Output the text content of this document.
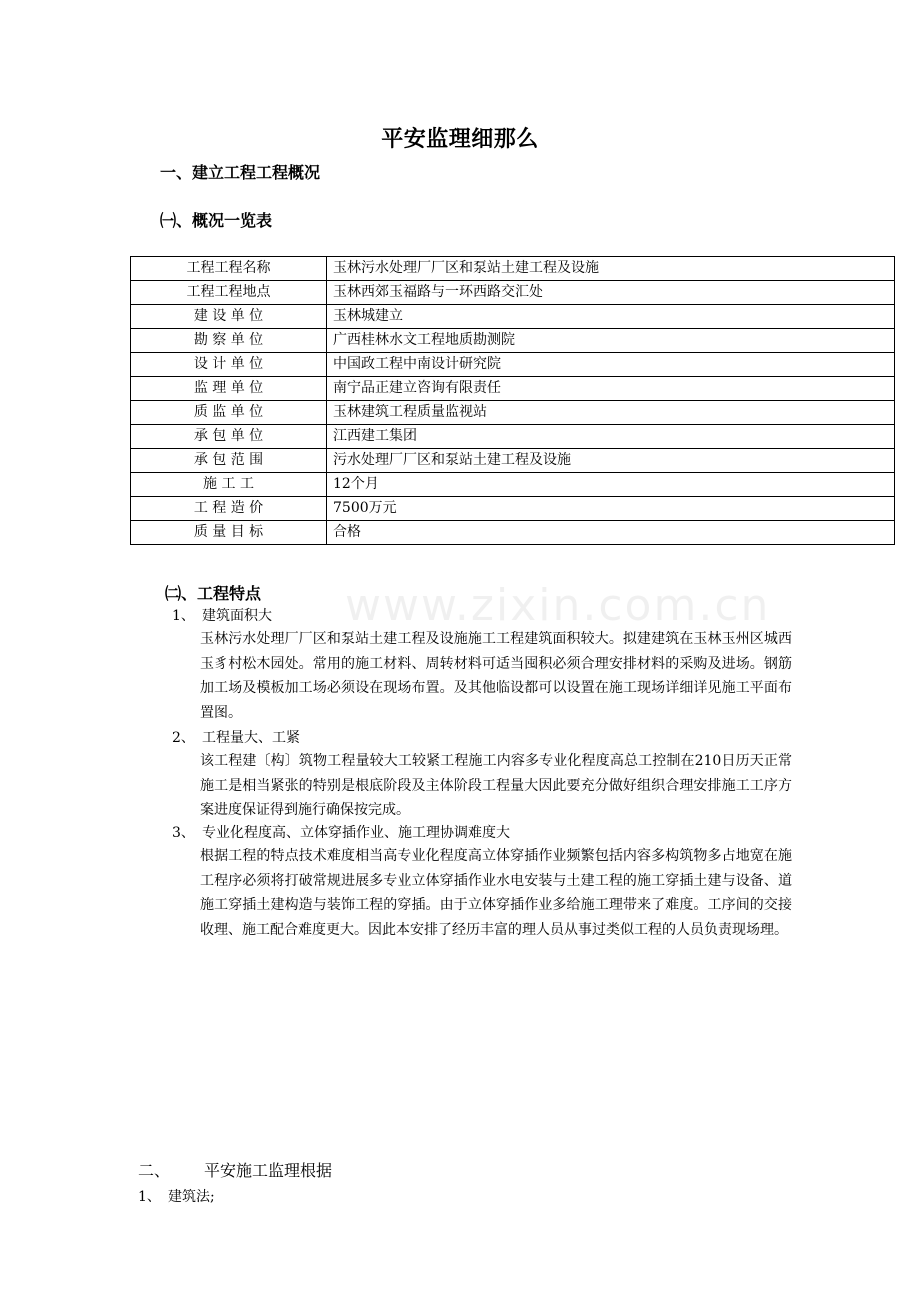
www.zixin.com.cn
平安监理细那么
一、建立工程工程概况
㈠、概况一览表
工程工程名称	玉林污水处理厂厂区和泵站土建工程及设施
工程工程地点	玉林西郊玉福路与一环西路交汇处
建 设 单 位	玉林城建立
勘 察 单 位	广西桂林水文工程地质勘测院
设 计 单 位	中国政工程中南设计研究院
监 理 单 位	南宁品正建立咨询有限责任
质 监 单 位	玉林建筑工程质量监视站
承 包 单 位	江西建工集团
承 包 范 围	污水处理厂厂区和泵站土建工程及设施
施 工 工	12个月
工 程 造 价	7500万元
质 量 目 标	合格
㈡、工程特点
1、 建筑面积大
玉林污水处理厂厂区和泵站土建工程及设施施工工程建筑面积较大。拟建建筑在玉林玉州区城西玉豸村松木园处。常用的施工材料、周转材料可适当囤积必须合理安排材料的采购及进场。钢筋加工场及模板加工场必须设在现场布置。及其他临设都可以设置在施工现场详细详见施工平面布置图。
2、 工程量大、工紧
该工程建〔构〕筑物工程量较大工较紧工程施工内容多专业化程度高总工控制在210日历天正常施工是相当紧张的特别是根底阶段及主体阶段工程量大因此要充分做好组织合理安排施工工序方案进度保证得到施行确保按完成。
3、 专业化程度高、立体穿插作业、施工理协调难度大
根据工程的特点技术难度相当高专业化程度高立体穿插作业频繁包括内容多构筑物多占地宽在施工程序必须将打破常规进展多专业立体穿插作业水电安装与土建工程的施工穿插土建与设备、道施工穿插土建构造与装饰工程的穿插。由于立体穿插作业多给施工理带来了难度。工序间的交接收理、施工配合难度更大。因此本安排了经历丰富的理人员从事过类似工程的人员负责现场理。
二、 平安施工监理根据
1、 建筑法;
